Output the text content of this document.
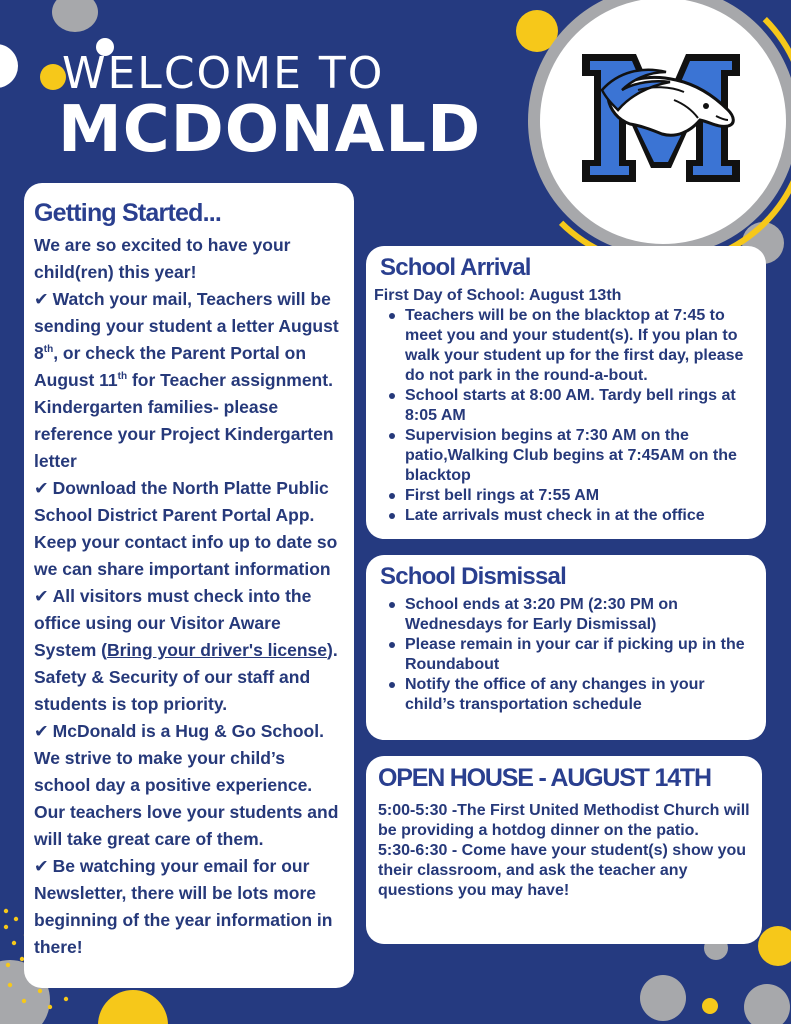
WELCOME TO
MCDONALD
Getting Started...
We are so excited to have your child(ren) this year!
✔ Watch your mail, Teachers will be sending your student a letter August 8th, or check the Parent Portal on August 11th for Teacher assignment. Kindergarten families- please reference your Project Kindergarten letter
✔ Download the North Platte Public School District Parent Portal App. Keep your contact info up to date so we can share important information
✔ All visitors must check into the office using our Visitor Aware System (Bring your driver's license). Safety & Security of our staff and students is top priority.
✔ McDonald is a Hug & Go School. We strive to make your child’s school day a positive experience. Our teachers love your students and will take great care of them.
✔ Be watching your email for our Newsletter, there will be lots more beginning of the year information in there!
School Arrival
First Day of School: August 13th
Teachers will be on the blacktop at 7:45 to meet you and your student(s). If you plan to walk your student up for the first day, please do not park in the round-a-bout.
School starts at 8:00 AM. Tardy bell rings at 8:05 AM
Supervision begins at 7:30 AM on the patio,Walking Club begins at 7:45AM on the blacktop
First bell rings at 7:55 AM
Late arrivals must check in at the office
School Dismissal
School ends at 3:20 PM (2:30 PM on Wednesdays for Early Dismissal)
Please remain in your car if picking up in the Roundabout
Notify the office of any changes in your child’s transportation schedule
OPEN HOUSE - AUGUST 14TH
5:00-5:30 -The First United Methodist Church will be providing a hotdog dinner on the patio.
5:30-6:30 - Come have your student(s) show you their classroom, and ask the teacher any questions you may have!
